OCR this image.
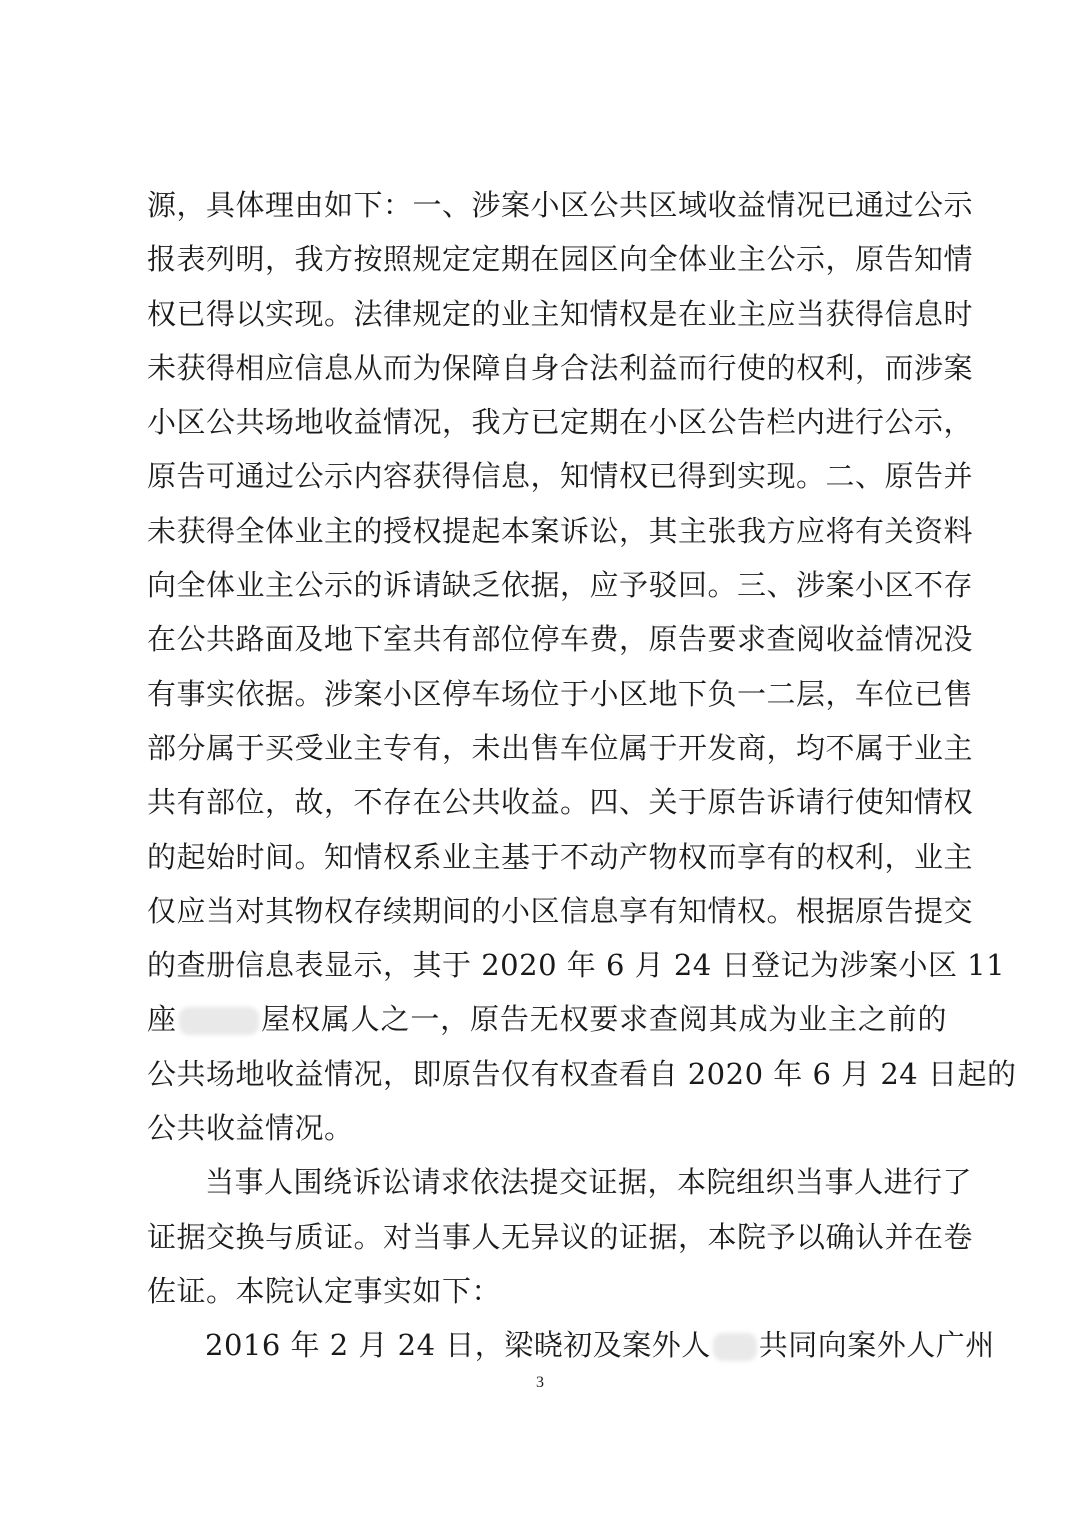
源，具体理由如下：一、涉案小区公共区域收益情况已通过公示
报表列明，我方按照规定定期在园区向全体业主公示，原告知情
权已得以实现。法律规定的业主知情权是在业主应当获得信息时
未获得相应信息从而为保障自身合法利益而行使的权利，而涉案
小区公共场地收益情况，我方已定期在小区公告栏内进行公示，
原告可通过公示内容获得信息，知情权已得到实现。二、原告并
未获得全体业主的授权提起本案诉讼，其主张我方应将有关资料
向全体业主公示的诉请缺乏依据，应予驳回。三、涉案小区不存
在公共路面及地下室共有部位停车费，原告要求查阅收益情况没
有事实依据。涉案小区停车场位于小区地下负一二层，车位已售
部分属于买受业主专有，未出售车位属于开发商，均不属于业主
共有部位，故，不存在公共收益。四、关于原告诉请行使知情权
的起始时间。知情权系业主基于不动产物权而享有的权利，业主
仅应当对其物权存续期间的小区信息享有知情权。根据原告提交
的查册信息表显示，其于 2020 年 6 月 24 日登记为涉案小区 11
座	屋权属人之一，原告无权要求查阅其成为业主之前的
公共场地收益情况，即原告仅有权查看自 2020 年 6 月 24 日起的
公共收益情况。
当事人围绕诉讼请求依法提交证据，本院组织当事人进行了
证据交换与质证。对当事人无异议的证据，本院予以确认并在卷
佐证。本院认定事实如下：
2016 年 2 月 24 日，梁晓初及案外人 共同向案外人广州
3
